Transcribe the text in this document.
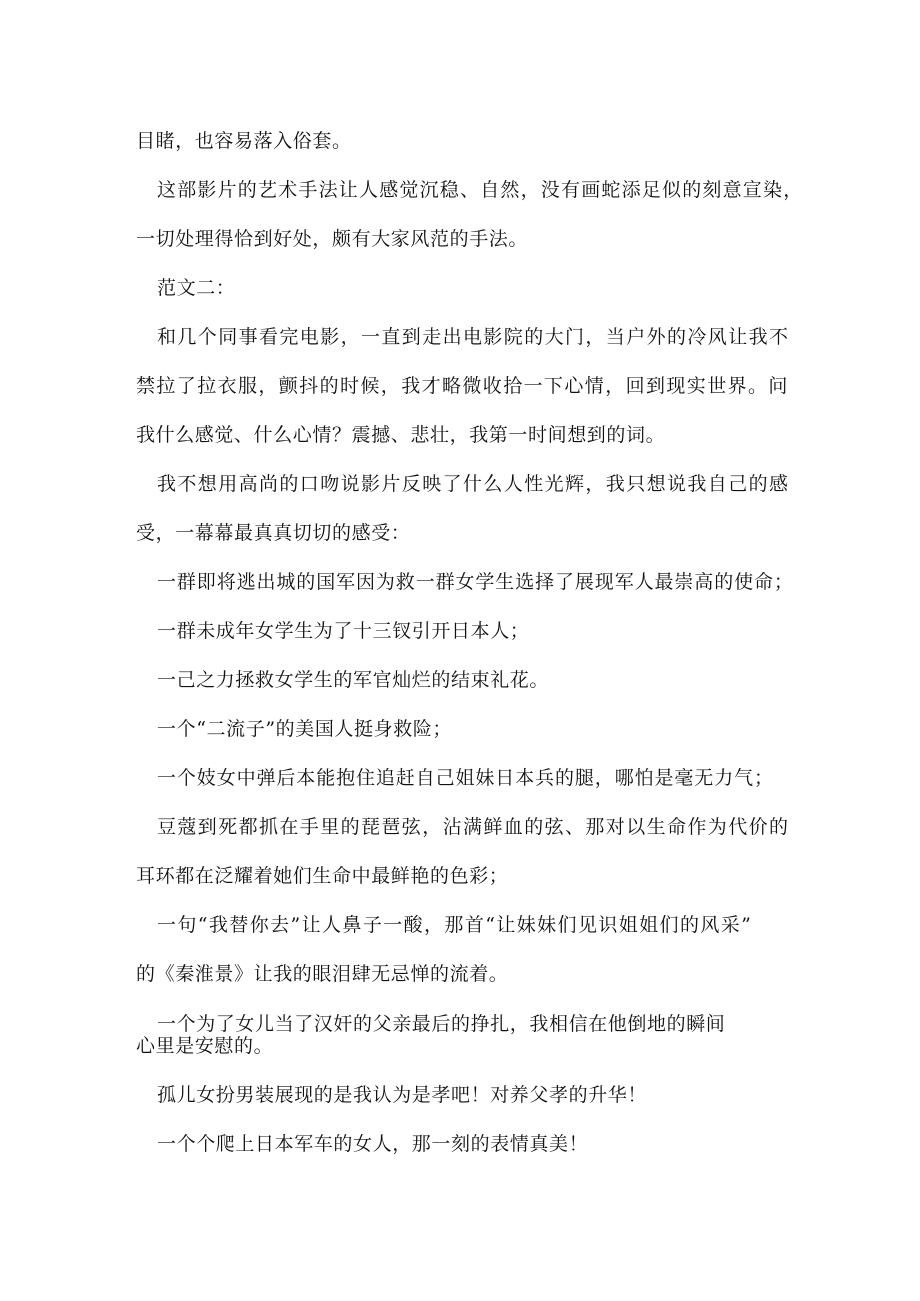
目睹，也容易落入俗套。

这部影片的艺术手法让人感觉沉稳、自然，没有画蛇添足似的刻意宣染，

一切处理得恰到好处，颇有大家风范的手法。

范文二：

和几个同事看完电影，一直到走出电影院的大门，当户外的冷风让我不

禁拉了拉衣服，颤抖的时候，我才略微收拾一下心情，回到现实世界。问

我什么感觉、什么心情？震撼、悲壮，我第一时间想到的词。

我不想用高尚的口吻说影片反映了什么人性光辉，我只想说我自己的感

受，一幕幕最真真切切的感受：

一群即将逃出城的国军因为救一群女学生选择了展现军人最崇高的使命；

一群未成年女学生为了十三钗引开日本人；

一己之力拯救女学生的军官灿烂的结束礼花。

一个“二流子”的美国人挺身救险；

一个妓女中弹后本能抱住追赶自己姐妹日本兵的腿，哪怕是毫无力气；

豆蔻到死都抓在手里的琵琶弦，沾满鲜血的弦、那对以生命作为代价的

耳环都在泛耀着她们生命中最鲜艳的色彩；

一句“我替你去”让人鼻子一酸，那首“让妹妹们见识姐姐们的风采”

的《秦淮景》让我的眼泪肆无忌惮的流着。

一个为了女儿当了汉奸的父亲最后的挣扎，我相信在他倒地的瞬间

心里是安慰的。

孤儿女扮男装展现的是我认为是孝吧！对养父孝的升华！

一个个爬上日本军车的女人，那一刻的表情真美！
